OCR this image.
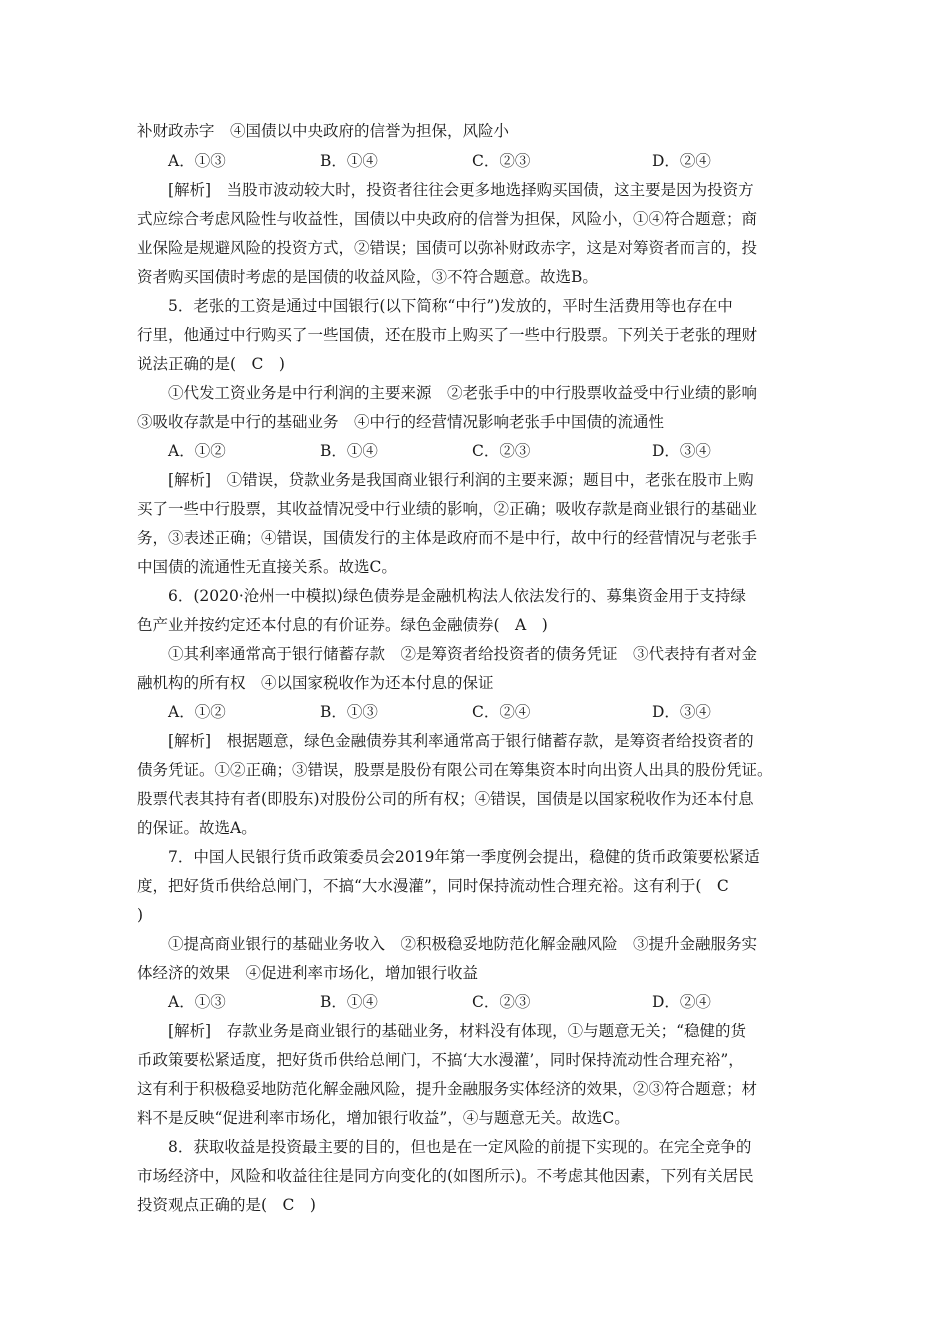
补财政赤字　④国债以中央政府的信誉为担保，风险小
A．①③	B．①④	C．②③	D．②④
[解析]　当股市波动较大时，投资者往往会更多地选择购买国债，这主要是因为投资方
式应综合考虑风险性与收益性，国债以中央政府的信誉为担保，风险小，①④符合题意；商
业保险是规避风险的投资方式，②错误；国债可以弥补财政赤字，这是对筹资者而言的，投
资者购买国债时考虑的是国债的收益风险，③不符合题意。故选B。
5．老张的工资是通过中国银行(以下简称“中行”)发放的，平时生活费用等也存在中
行里，他通过中行购买了一些国债，还在股市上购买了一些中行股票。下列关于老张的理财
说法正确的是(　C　)
①代发工资业务是中行利润的主要来源　②老张手中的中行股票收益受中行业绩的影响
③吸收存款是中行的基础业务　④中行的经营情况影响老张手中国债的流通性
A．①②	B．①④	C．②③	D．③④
[解析]　①错误，贷款业务是我国商业银行利润的主要来源；题目中，老张在股市上购
买了一些中行股票，其收益情况受中行业绩的影响，②正确；吸收存款是商业银行的基础业
务，③表述正确；④错误，国债发行的主体是政府而不是中行，故中行的经营情况与老张手
中国债的流通性无直接关系。故选C。
6．(2020·沧州一中模拟)绿色债券是金融机构法人依法发行的、募集资金用于支持绿
色产业并按约定还本付息的有价证券。绿色金融债券(　A　)
①其利率通常高于银行储蓄存款　②是筹资者给投资者的债务凭证　③代表持有者对金
融机构的所有权　④以国家税收作为还本付息的保证
A．①②	B．①③	C．②④	D．③④
[解析]　根据题意，绿色金融债券其利率通常高于银行储蓄存款，是筹资者给投资者的
债务凭证。①②正确；③错误，股票是股份有限公司在筹集资本时向出资人出具的股份凭证。
股票代表其持有者(即股东)对股份公司的所有权；④错误，国债是以国家税收作为还本付息
的保证。故选A。
7．中国人民银行货币政策委员会2019年第一季度例会提出，稳健的货币政策要松紧适
度，把好货币供给总闸门，不搞“大水漫灌”，同时保持流动性合理充裕。这有利于(　C
)
①提高商业银行的基础业务收入　②积极稳妥地防范化解金融风险　③提升金融服务实
体经济的效果　④促进利率市场化，增加银行收益
A．①③	B．①④	C．②③	D．②④
[解析]　存款业务是商业银行的基础业务，材料没有体现，①与题意无关；“稳健的货
币政策要松紧适度，把好货币供给总闸门，不搞‘大水漫灌’，同时保持流动性合理充裕”，
这有利于积极稳妥地防范化解金融风险，提升金融服务实体经济的效果，②③符合题意；材
料不是反映“促进利率市场化，增加银行收益”，④与题意无关。故选C。
8．获取收益是投资最主要的目的，但也是在一定风险的前提下实现的。在完全竞争的
市场经济中，风险和收益往往是同方向变化的(如图所示)。不考虑其他因素，下列有关居民
投资观点正确的是(　C　)
